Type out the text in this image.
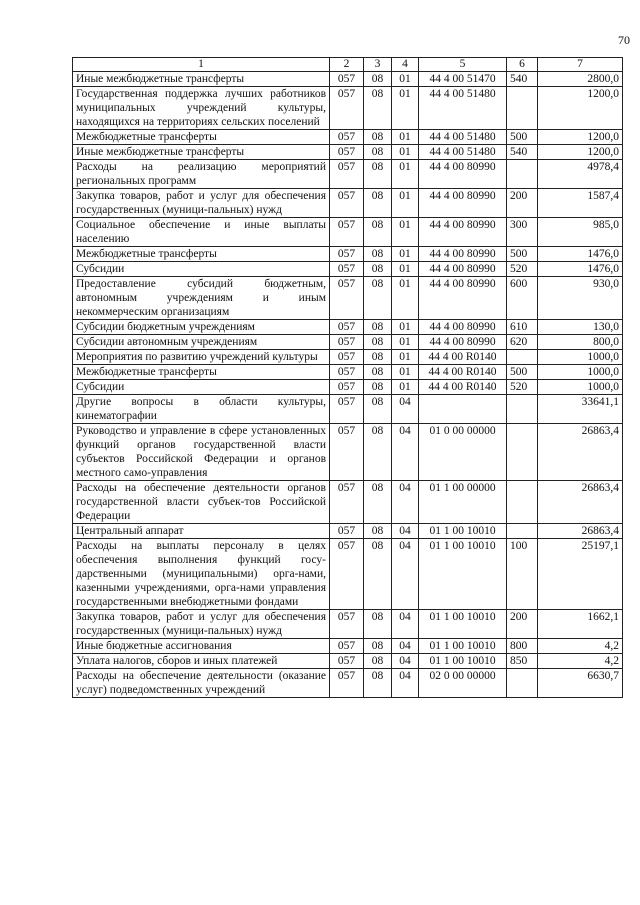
70
1	2	3	4	5	6	7
Иные межбюджетные трансферты	057	08	01	44 4 00 51470	540	2800,0
Государственная поддержка лучших работников муниципальных учреждений культуры, находящихся на территориях сельских поселений	057	08	01	44 4 00 51480		1200,0
Межбюджетные трансферты	057	08	01	44 4 00 51480	500	1200,0
Иные межбюджетные трансферты	057	08	01	44 4 00 51480	540	1200,0
Расходы на реализацию мероприятий региональных программ	057	08	01	44 4 00 80990		4978,4
Закупка товаров, работ и услуг для обеспечения государственных (муници-пальных) нужд	057	08	01	44 4 00 80990	200	1587,4
Социальное обеспечение и иные выплаты населению	057	08	01	44 4 00 80990	300	985,0
Межбюджетные трансферты	057	08	01	44 4 00 80990	500	1476,0
Субсидии	057	08	01	44 4 00 80990	520	1476,0
Предоставление субсидий бюджетным, автономным учреждениям и иным некоммерческим организациям	057	08	01	44 4 00 80990	600	930,0
Субсидии бюджетным учреждениям	057	08	01	44 4 00 80990	610	130,0
Субсидии автономным учреждениям	057	08	01	44 4 00 80990	620	800,0
Мероприятия по развитию учреждений культуры	057	08	01	44 4 00 R0140		1000,0
Межбюджетные трансферты	057	08	01	44 4 00 R0140	500	1000,0
Субсидии	057	08	01	44 4 00 R0140	520	1000,0
Другие вопросы в области культуры, кинематографии	057	08	04			33641,1
Руководство и управление в сфере установленных функций органов государственной власти субъектов Российской Федерации и органов местного само-управления	057	08	04	01 0 00 00000		26863,4
Расходы на обеспечение деятельности органов государственной власти субъек-тов Российской Федерации	057	08	04	01 1 00 00000		26863,4
Центральный аппарат	057	08	04	01 1 00 10010		26863,4
Расходы на выплаты персоналу в целях обеспечения выполнения функций госу-дарственными (муниципальными) орга-нами, казенными учреждениями, орга-нами управления государственными внебюджетными фондами	057	08	04	01 1 00 10010	100	25197,1
Закупка товаров, работ и услуг для обеспечения государственных (муници-пальных) нужд	057	08	04	01 1 00 10010	200	1662,1
Иные бюджетные ассигнования	057	08	04	01 1 00 10010	800	4,2
Уплата налогов, сборов и иных платежей	057	08	04	01 1 00 10010	850	4,2
Расходы на обеспечение деятельности (оказание услуг) подведомственных учреждений	057	08	04	02 0 00 00000		6630,7
